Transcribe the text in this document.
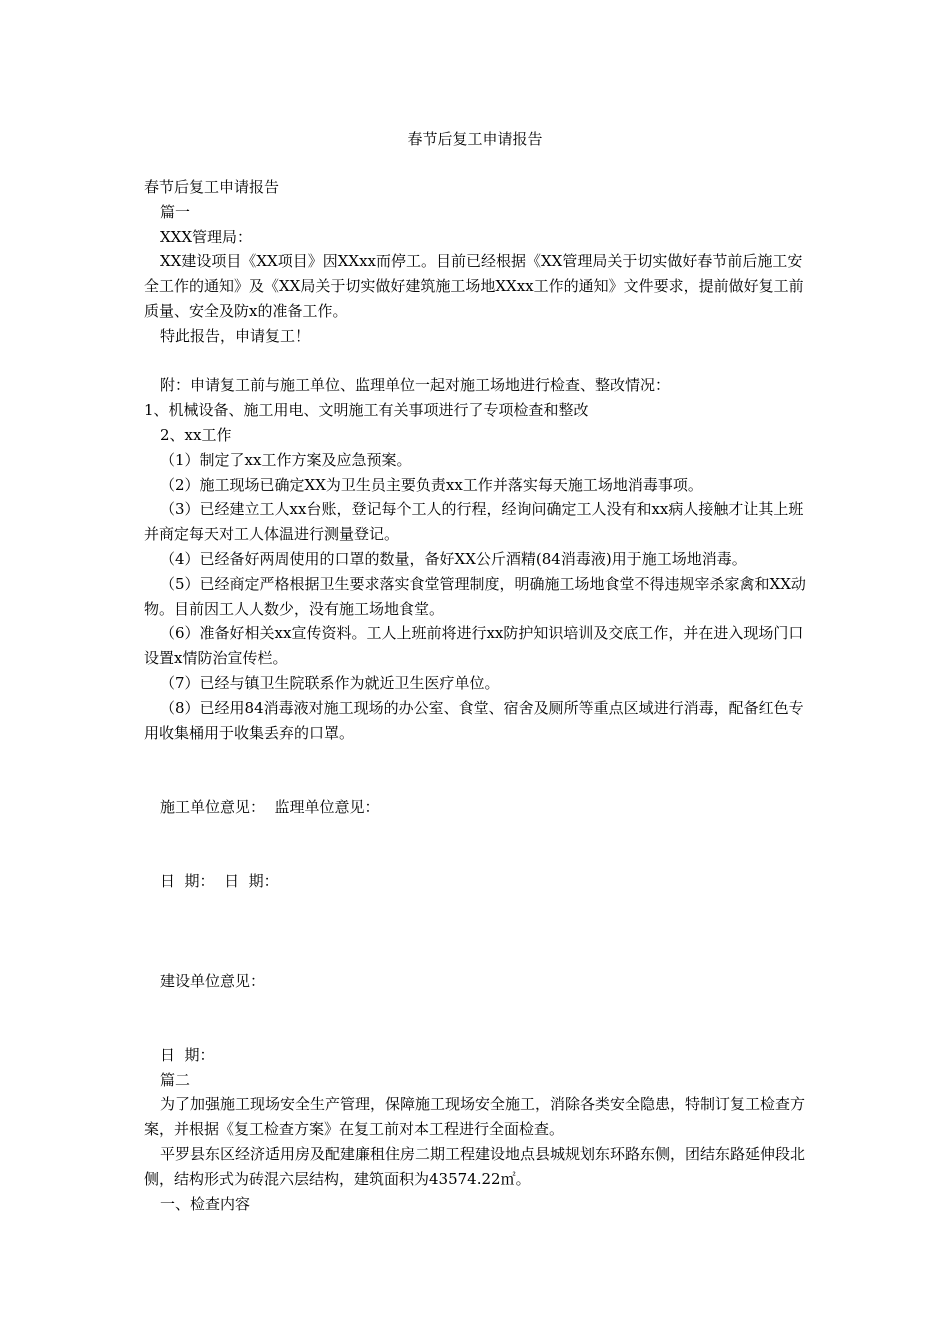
春节后复工申请报告

春节后复工申请报告

篇一

XXX管理局：

XX建设项目《XX项目》因XXxx而停工。目前已经根据《XX管理局关于切实做好春节前后施工安全工作的通知》及《XX局关于切实做好建筑施工场地XXxx工作的通知》文件要求，提前做好复工前质量、安全及防x的准备工作。

特此报告，申请复工！

附：申请复工前与施工单位、监理单位一起对施工场地进行检查、整改情况：

1、机械设备、施工用电、文明施工有关事项进行了专项检查和整改

2、xx工作

（1）制定了xx工作方案及应急预案。

（2）施工现场已确定XX为卫生员主要负责xx工作并落实每天施工场地消毒事项。

（3）已经建立工人xx台账，登记每个工人的行程，经询问确定工人没有和xx病人接触才让其上班并商定每天对工人体温进行测量登记。

（4）已经备好两周使用的口罩的数量，备好XX公斤酒精(84消毒液)用于施工场地消毒。

（5）已经商定严格根据卫生要求落实食堂管理制度，明确施工场地食堂不得违规宰杀家禽和XX动物。目前因工人人数少，没有施工场地食堂。

（6）准备好相关xx宣传资料。工人上班前将进行xx防护知识培训及交底工作，并在进入现场门口设置x情防治宣传栏。

（7）已经与镇卫生院联系作为就近卫生医疗单位。

（8）已经用84消毒液对施工现场的办公室、食堂、宿舍及厕所等重点区域进行消毒，配备红色专用收集桶用于收集丢弃的口罩。

施工单位意见：  监理单位意见：

日  期：  日  期：

建设单位意见：

日  期：

篇二

为了加强施工现场安全生产管理，保障施工现场安全施工，消除各类安全隐患，特制订复工检查方案，并根据《复工检查方案》在复工前对本工程进行全面检查。

平罗县东区经济适用房及配建廉租住房二期工程建设地点县城规划东环路东侧，团结东路延伸段北侧，结构形式为砖混六层结构，建筑面积为43574.22㎡。

一、检查内容
